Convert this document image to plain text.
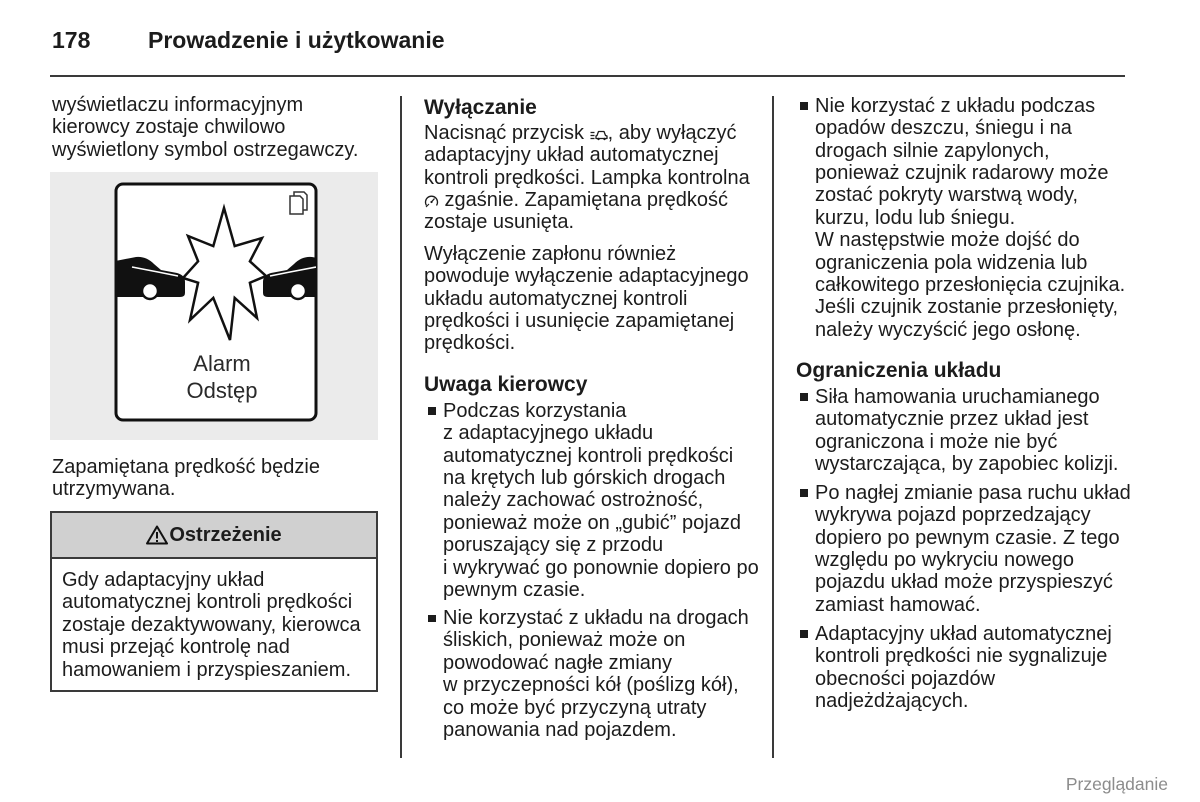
178	Prowadzenie i użytkowanie
wyświetlaczu informacyjnym
kierowcy zostaje chwilowo
wyświetlony symbol ostrzegawczy.
Alarm
Odstęp
Zapamiętana prędkość będzie
utrzymywana.
Ostrzeżenie
Gdy adaptacyjny układ
automatycznej kontroli prędkości
zostaje dezaktywowany, kierowca
musi przejąć kontrolę nad
hamowaniem i przyspieszaniem.
Wyłączanie
Nacisnąć przycisk
, aby wyłączyć
adaptacyjny układ automatycznej
kontroli prędkości. Lampka kontrolna
zgaśnie. Zapamiętana prędkość
zostaje usunięta.
Wyłączenie zapłonu również
powoduje wyłączenie adaptacyjnego
układu automatycznej kontroli
prędkości i usunięcie zapamiętanej
prędkości.
Uwaga kierowcy
Podczas korzystania
z adaptacyjnego układu
automatycznej kontroli prędkości
na krętych lub górskich drogach
należy zachować ostrożność,
ponieważ może on „gubić” pojazd
poruszający się z przodu
i wykrywać go ponownie dopiero po
pewnym czasie.
Nie korzystać z układu na drogach
śliskich, ponieważ może on
powodować nagłe zmiany
w przyczepności kół (poślizg kół),
co może być przyczyną utraty
panowania nad pojazdem.
Nie korzystać z układu podczas
opadów deszczu, śniegu i na
drogach silnie zapylonych,
ponieważ czujnik radarowy może
zostać pokryty warstwą wody,
kurzu, lodu lub śniegu.
W następstwie może dojść do
ograniczenia pola widzenia lub
całkowitego przesłonięcia czujnika.
Jeśli czujnik zostanie przesłonięty,
należy wyczyścić jego osłonę.
Ograniczenia układu
Siła hamowania uruchamianego
automatycznie przez układ jest
ograniczona i może nie być
wystarczająca, by zapobiec kolizji.
Po nagłej zmianie pasa ruchu układ
wykrywa pojazd poprzedzający
dopiero po pewnym czasie. Z tego
względu po wykryciu nowego
pojazdu układ może przyspieszyć
zamiast hamować.
Adaptacyjny układ automatycznej
kontroli prędkości nie sygnalizuje
obecności pojazdów
nadjeżdżających.
Przeglądanie
